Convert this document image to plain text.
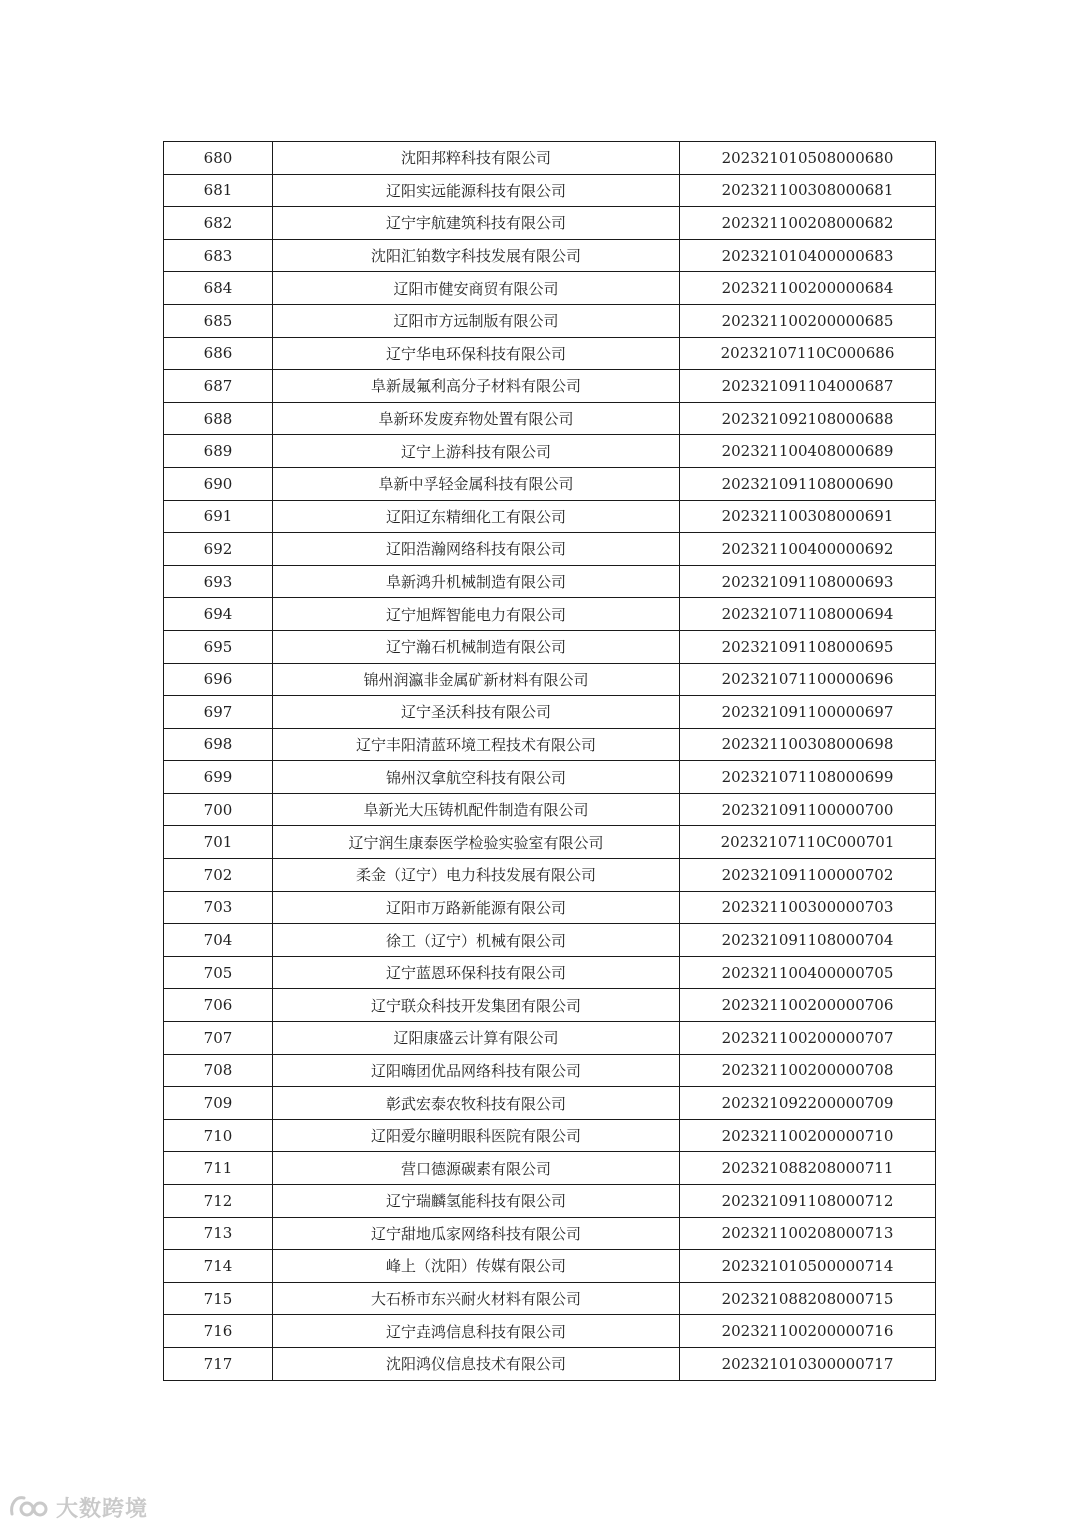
680	沈阳邦粹科技有限公司	202321010508000680
681	辽阳实远能源科技有限公司	202321100308000681
682	辽宁宇航建筑科技有限公司	202321100208000682
683	沈阳汇铂数字科技发展有限公司	202321010400000683
684	辽阳市健安商贸有限公司	202321100200000684
685	辽阳市方远制版有限公司	202321100200000685
686	辽宁华电环保科技有限公司	20232107110C000686
687	阜新晟氟利高分子材料有限公司	202321091104000687
688	阜新环发废弃物处置有限公司	202321092108000688
689	辽宁上游科技有限公司	202321100408000689
690	阜新中孚轻金属科技有限公司	202321091108000690
691	辽阳辽东精细化工有限公司	202321100308000691
692	辽阳浩瀚网络科技有限公司	202321100400000692
693	阜新鸿升机械制造有限公司	202321091108000693
694	辽宁旭辉智能电力有限公司	202321071108000694
695	辽宁瀚石机械制造有限公司	202321091108000695
696	锦州润瀛非金属矿新材料有限公司	202321071100000696
697	辽宁圣沃科技有限公司	202321091100000697
698	辽宁丰阳清蓝环境工程技术有限公司	202321100308000698
699	锦州汉拿航空科技有限公司	202321071108000699
700	阜新光大压铸机配件制造有限公司	202321091100000700
701	辽宁润生康泰医学检验实验室有限公司	20232107110C000701
702	柔金（辽宁）电力科技发展有限公司	202321091100000702
703	辽阳市万路新能源有限公司	202321100300000703
704	徐工（辽宁）机械有限公司	202321091108000704
705	辽宁蓝恩环保科技有限公司	202321100400000705
706	辽宁联众科技开发集团有限公司	202321100200000706
707	辽阳康盛云计算有限公司	202321100200000707
708	辽阳嗨团优品网络科技有限公司	202321100200000708
709	彰武宏泰农牧科技有限公司	202321092200000709
710	辽阳爱尔瞳明眼科医院有限公司	202321100200000710
711	营口德源碳素有限公司	202321088208000711
712	辽宁瑞麟氢能科技有限公司	202321091108000712
713	辽宁甜地瓜家网络科技有限公司	202321100208000713
714	峰上（沈阳）传媒有限公司	202321010500000714
715	大石桥市东兴耐火材料有限公司	202321088208000715
716	辽宁垚鸿信息科技有限公司	202321100200000716
717	沈阳鸿仪信息技术有限公司	202321010300000717
大数跨境
